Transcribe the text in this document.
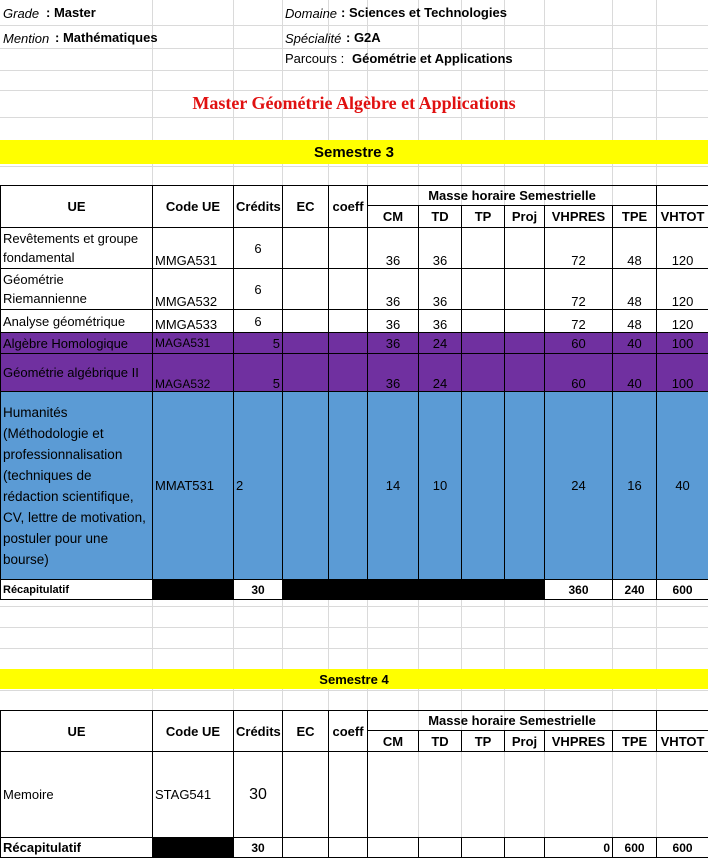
Grade : Master
Mention : Mathématiques
Domaine : Sciences et Technologies
Spécialité : G2A
Parcours : Géométrie et Applications
Master Géométrie Algèbre et Applications
Semestre 3
UE	Code UE	Crédits	EC	coeff	Masse horaire Semestrielle						
					CM	TD	TP	Proj	VHPRES	TPE	VHTOT
Revêtements et groupe fondamental	MMGA531	6			36	36			72	48	120
Géométrie Riemannienne	MMGA532	6			36	36			72	48	120
Analyse géométrique	MMGA533	6			36	36			72	48	120
Algèbre Homologique	MAGA531	5			36	24			60	40	100
Géométrie algébrique II	MAGA532	5			36	24			60	40	100
Humanités (Méthodologie et professionnalisation (techniques de rédaction scientifique, CV, lettre de motivation, postuler pour une bourse)	MMAT531	2			14	10			24	16	40
Récapitulatif		30							360	240	600
Semestre 4
UE	Code UE	Crédits	EC	coeff	Masse horaire Semestrielle						
					CM	TD	TP	Proj	VHPRES	TPE	VHTOT
Memoire	STAG541	30									
Récapitulatif		30							0	600	600
